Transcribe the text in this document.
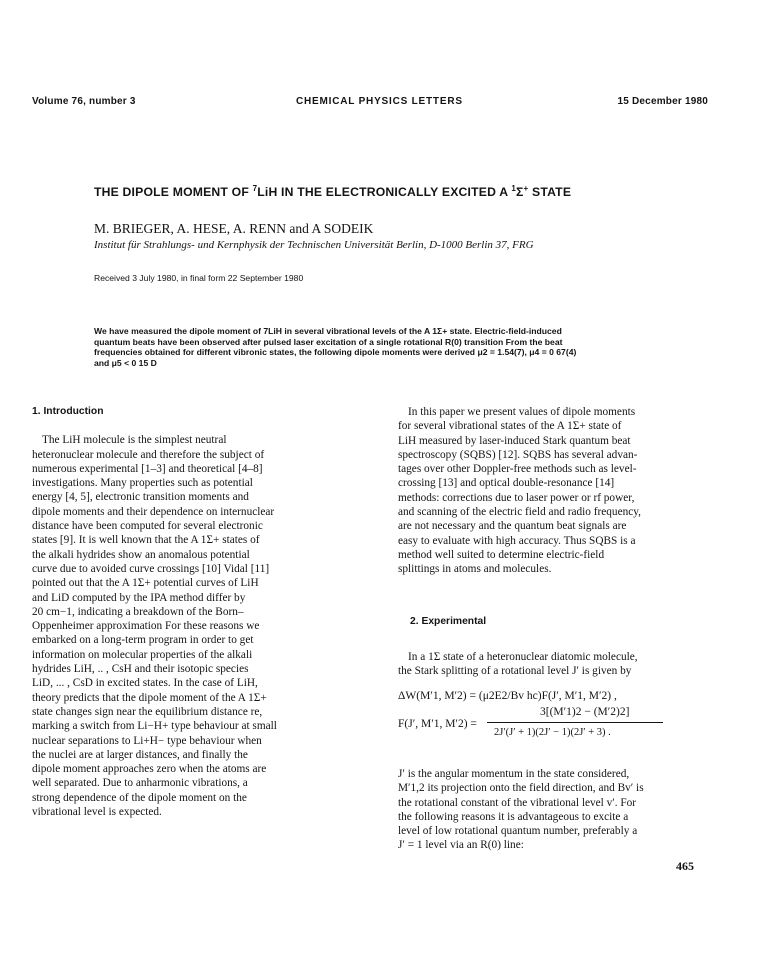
Volume 76, number 3	CHEMICAL PHYSICS LETTERS	15 December 1980
THE DIPOLE MOMENT OF $^7$LiH IN THE ELECTRONICALLY EXCITED A $^1$Σ+ STATE
M. BRIEGER, A. HESE, A. RENN and A SODEIK
Institut für Strahlungs- und Kernphysik der Technischen Universität Berlin, D-1000 Berlin 37, FRG
Received 3 July 1980, in final form 22 September 1980

We have measured the dipole moment of 7LiH in several vibrational levels of the A 1Σ+ state. Electric-field-induced

quantum beats have been observed after pulsed laser excitation of a single rotational R(0) transition From the beat

frequencies obtained for different vibronic states, the following dipole moments were derived μ2 = 1.54(7), μ4 = 0 67(4)

and μ5 < 0 15 D

1. Introduction
The LiH molecule is the simplest neutral
heteronuclear molecule and therefore the subject of
numerous experimental [1–3] and theoretical [4–8]
investigations. Many properties such as potential
energy [4, 5], electronic transition moments and
dipole moments and their dependence on internuclear
distance have been computed for several electronic
states [9]. It is well known that the A 1Σ+ states of
the alkali hydrides show an anomalous potential
curve due to avoided curve crossings [10] Vidal [11]
pointed out that the A 1Σ+ potential curves of LiH
and LiD computed by the IPA method differ by
20 cm−1, indicating a breakdown of the Born–
Oppenheimer approximation For these reasons we
embarked on a long-term program in order to get
information on molecular properties of the alkali
hydrides LiH, .. , CsH and their isotopic species
LiD, ... , CsD in excited states. In the case of LiH,
theory predicts that the dipole moment of the A 1Σ+
state changes sign near the equilibrium distance re,
marking a switch from Li−H+ type behaviour at small
nuclear separations to Li+H− type behaviour when
the nuclei are at larger distances, and finally the
dipole moment approaches zero when the atoms are
well separated. Due to anharmonic vibrations, a
strong dependence of the dipole moment on the
vibrational level is expected.
In this paper we present values of dipole moments
for several vibrational states of the A 1Σ+ state of
LiH measured by laser-induced Stark quantum beat
spectroscopy (SQBS) [12]. SQBS has several advan-
tages over other Doppler-free methods such as level-
crossing [13] and optical double-resonance [14]
methods: corrections due to laser power or rf power,
and scanning of the electric field and radio frequency,
are not necessary and the quantum beat signals are
easy to evaluate with high accuracy. Thus SQBS is a
method well suited to determine electric-field
splittings in atoms and molecules.
2. Experimental
In a 1Σ state of a heteronuclear diatomic molecule,
the Stark splitting of a rotational level J′ is given by
ΔW(M′1, M′2) = (μ2E2/Bv hc)F(J′, M′1, M′2) ,
F(J′, M′1, M′2) =
3[(M′1)2 − (M′2)2]
2J′(J′ + 1)(2J′ − 1)(2J′ + 3) .
J′ is the angular momentum in the state considered,
M′1,2 its projection onto the field direction, and Bv′ is
the rotational constant of the vibrational level v′. For
the following reasons it is advantageous to excite a
level of low rotational quantum number, preferably a
J′ = 1 level via an R(0) line:
465
